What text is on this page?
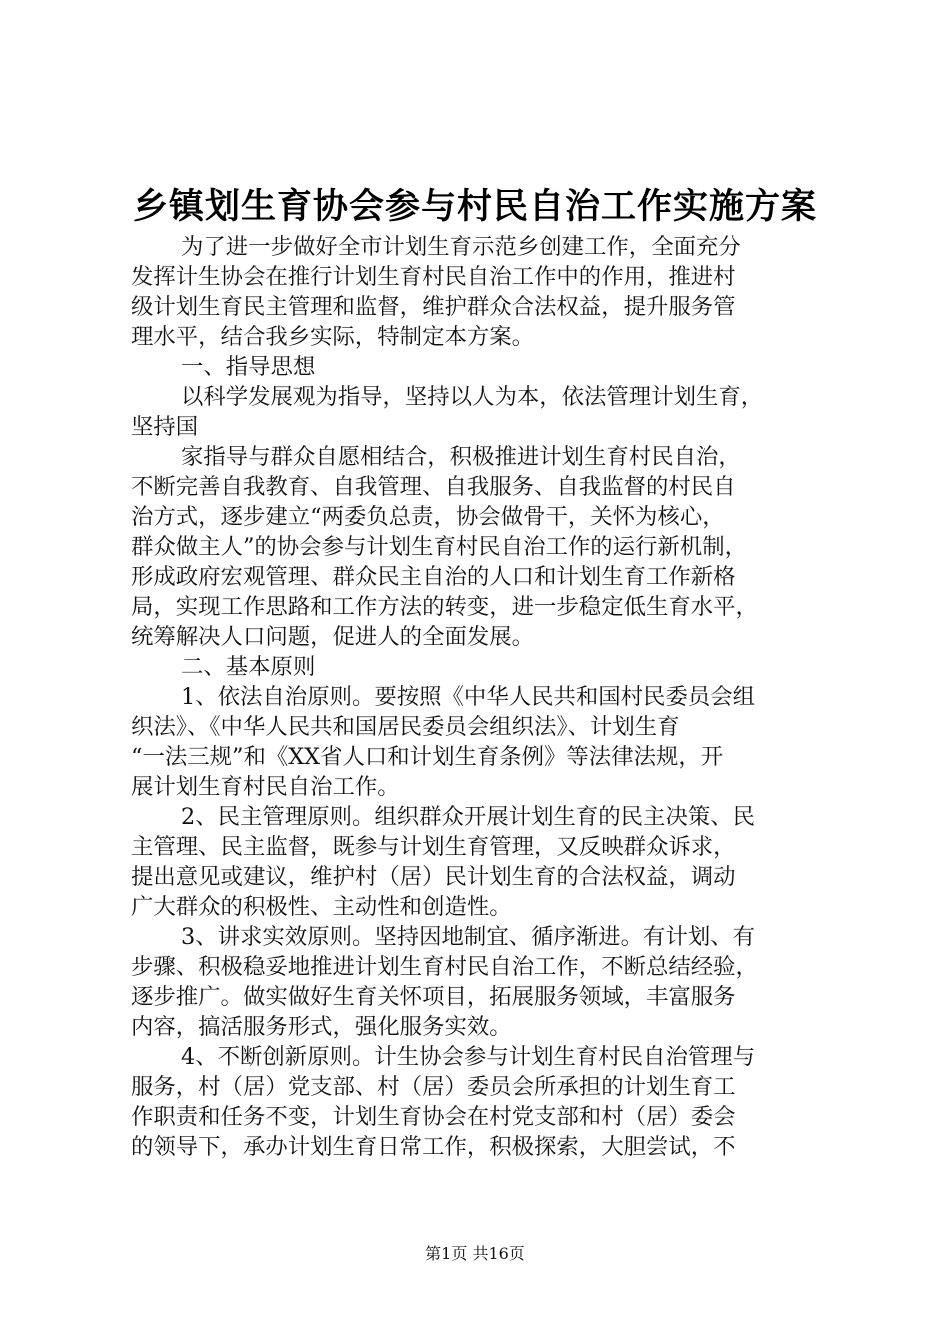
乡镇划生育协会参与村民自治工作实施方案
为了进一步做好全市计划生育示范乡创建工作，全面充分
发挥计生协会在推行计划生育村民自治工作中的作用，推进村
级计划生育民主管理和监督，维护群众合法权益，提升服务管
理水平，结合我乡实际，特制定本方案。
一、指导思想
以科学发展观为指导，坚持以人为本，依法管理计划生育，
坚持国
家指导与群众自愿相结合，积极推进计划生育村民自治，
不断完善自我教育、自我管理、自我服务、自我监督的村民自
治方式，逐步建立“两委负总责，协会做骨干，关怀为核心，
群众做主人”的协会参与计划生育村民自治工作的运行新机制，
形成政府宏观管理、群众民主自治的人口和计划生育工作新格
局，实现工作思路和工作方法的转变，进一步稳定低生育水平，
统筹解决人口问题，促进人的全面发展。
二、基本原则
1、依法自治原则。要按照《中华人民共和国村民委员会组
织法》、《中华人民共和国居民委员会组织法》、计划生育
“一法三规”和《XX省人口和计划生育条例》等法律法规，开
展计划生育村民自治工作。
2、民主管理原则。组织群众开展计划生育的民主决策、民
主管理、民主监督，既参与计划生育管理，又反映群众诉求，
提出意见或建议，维护村（居）民计划生育的合法权益，调动
广大群众的积极性、主动性和创造性。
3、讲求实效原则。坚持因地制宜、循序渐进。有计划、有
步骤、积极稳妥地推进计划生育村民自治工作，不断总结经验，
逐步推广。做实做好生育关怀项目，拓展服务领域，丰富服务
内容，搞活服务形式，强化服务实效。
4、不断创新原则。计生协会参与计划生育村民自治管理与
服务，村（居）党支部、村（居）委员会所承担的计划生育工
作职责和任务不变，计划生育协会在村党支部和村（居）委会
的领导下，承办计划生育日常工作，积极探索，大胆尝试，不
第1页 共16页
